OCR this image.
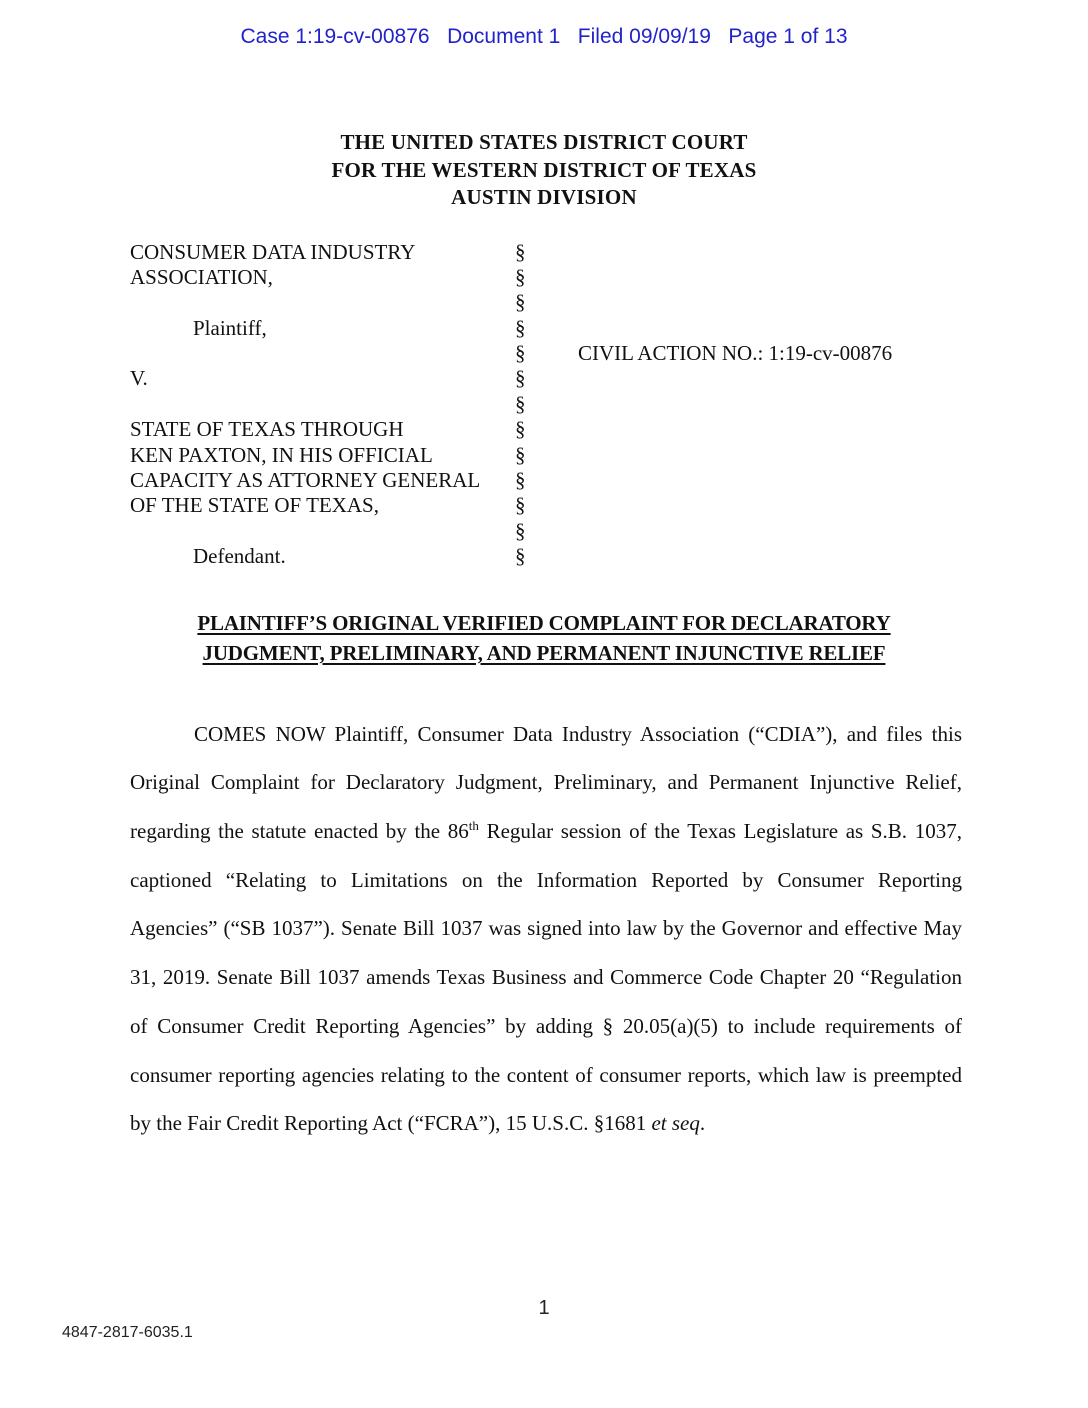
Case 1:19-cv-00876   Document 1   Filed 09/09/19   Page 1 of 13
THE UNITED STATES DISTRICT COURT
FOR THE WESTERN DISTRICT OF TEXAS
AUSTIN DIVISION
CONSUMER DATA INDUSTRY	§
ASSOCIATION,	§
§
Plaintiff,	§
§	CIVIL ACTION NO.: 1:19-cv-00876
V.	§
§
STATE OF TEXAS THROUGH	§
KEN PAXTON, IN HIS OFFICIAL	§
CAPACITY AS ATTORNEY GENERAL	§
OF THE STATE OF TEXAS,	§
§
Defendant.	§
PLAINTIFF’S ORIGINAL VERIFIED COMPLAINT FOR DECLARATORY
JUDGMENT, PRELIMINARY, AND PERMANENT INJUNCTIVE RELIEF
COMES NOW Plaintiff, Consumer Data Industry Association (“CDIA”), and files this Original Complaint for Declaratory Judgment, Preliminary, and Permanent Injunctive Relief, regarding the statute enacted by the 86th Regular session of the Texas Legislature as S.B. 1037, captioned “Relating to Limitations on the Information Reported by Consumer Reporting Agencies” (“SB 1037”). Senate Bill 1037 was signed into law by the Governor and effective May 31, 2019. Senate Bill 1037 amends Texas Business and Commerce Code Chapter 20 “Regulation of Consumer Credit Reporting Agencies” by adding § 20.05(a)(5) to include requirements of consumer reporting agencies relating to the content of consumer reports, which law is preempted by the Fair Credit Reporting Act (“FCRA”), 15 U.S.C. §1681 et seq.
1
4847-2817-6035.1
